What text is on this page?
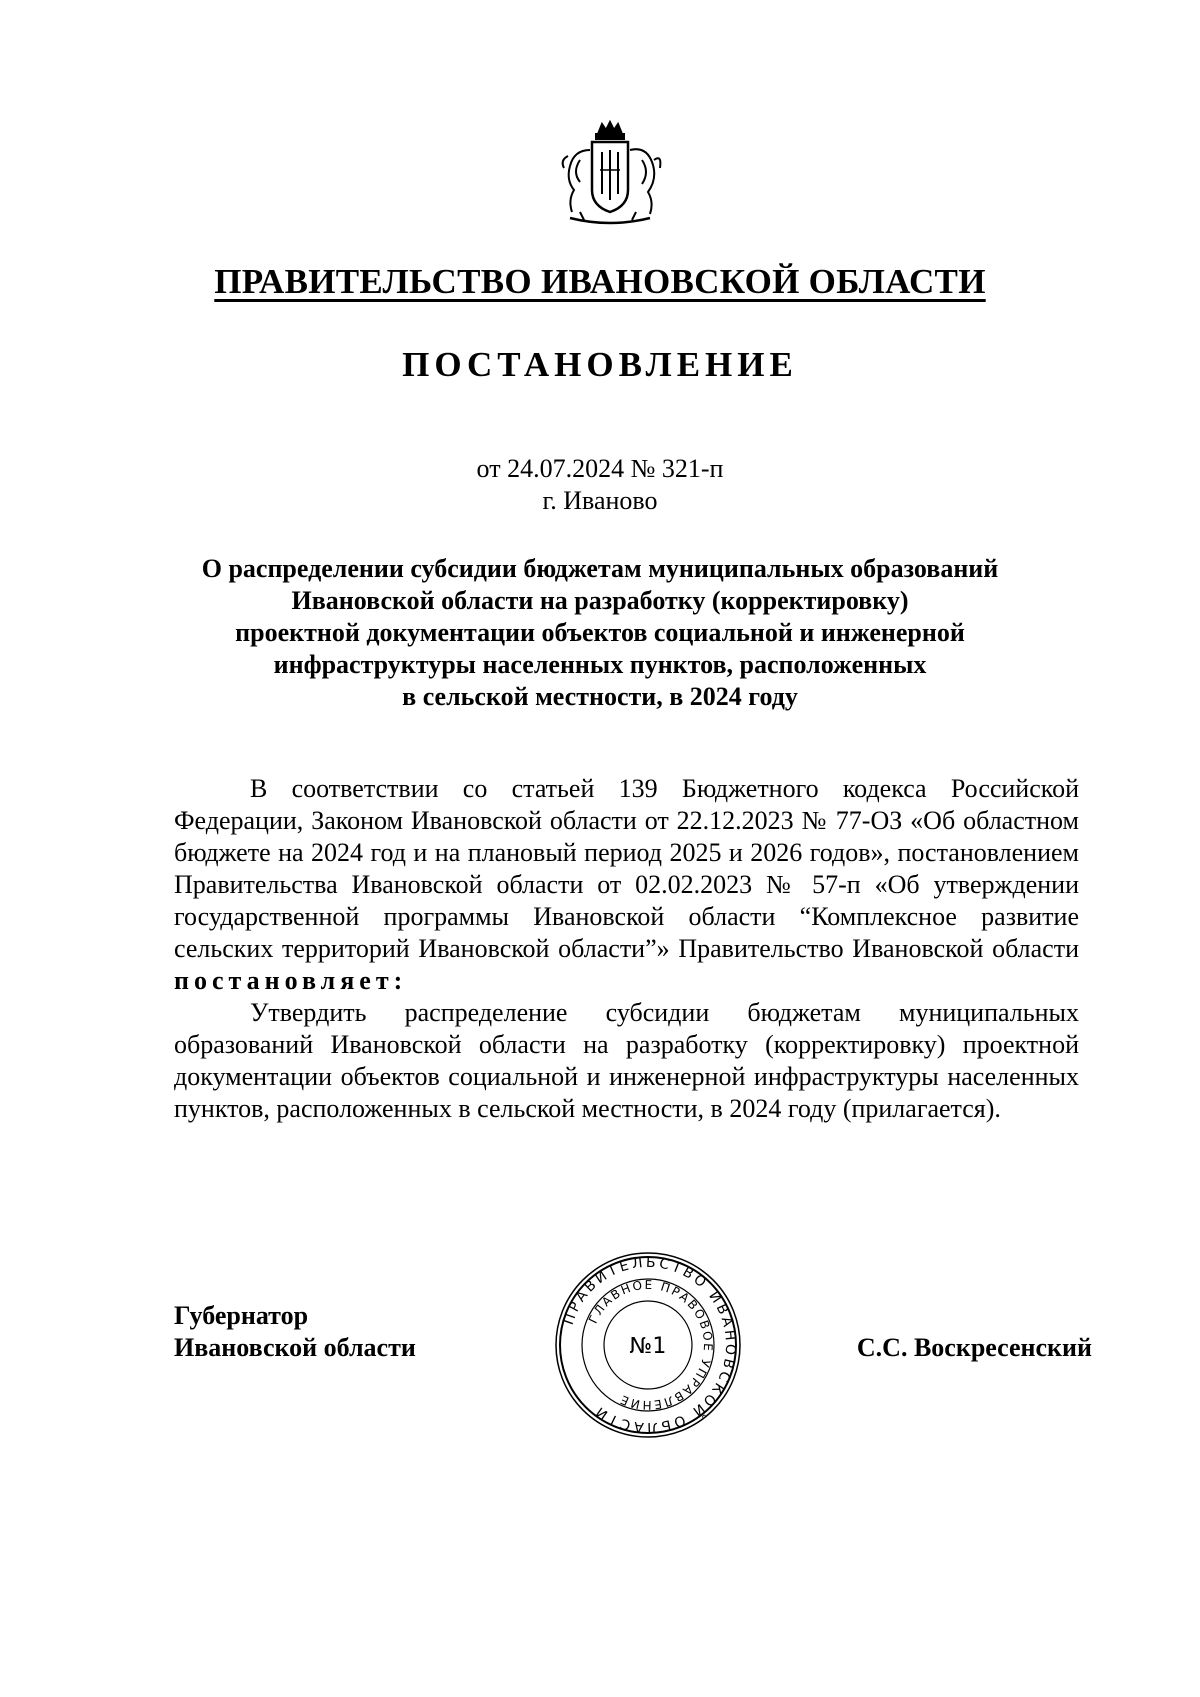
ПРАВИТЕЛЬСТВО ИВАНОВСКОЙ ОБЛАСТИ
ПОСТАНОВЛЕНИЕ
от 24.07.2024 № 321-п
г. Иваново
О распределении субсидии бюджетам муниципальных образований
Ивановской области на разработку (корректировку)
проектной документации объектов социальной и инженерной
инфраструктуры населенных пунктов, расположенных
в сельской местности, в 2024 году

В соответствии со статьей 139 Бюджетного кодекса Российской Федерации, Законом Ивановской области от 22.12.2023 № 77-ОЗ «Об областном бюджете на 2024 год и на плановый период 2025 и 2026 годов», постановлением Правительства Ивановской области от 02.02.2023 № 57-п «Об утверждении государственной программы Ивановской области “Комплексное развитие сельских территорий Ивановской области”» Правительство Ивановской области постановляет:

Утвердить распределение субсидии бюджетам муниципальных образований Ивановской области на разработку (корректировку) проектной документации объектов социальной и инженерной инфраструктуры населенных пунктов, расположенных в сельской местности, в 2024 году (прилагается).

Губернатор
Ивановской области
ПРАВИТЕЛЬСТВО ИВАНОВСКОЙ ОБЛАСТИ
ГЛАВНОЕ ПРАВОВОЕ УПРАВЛЕНИЕ
№1	С.С. Воскресенский
